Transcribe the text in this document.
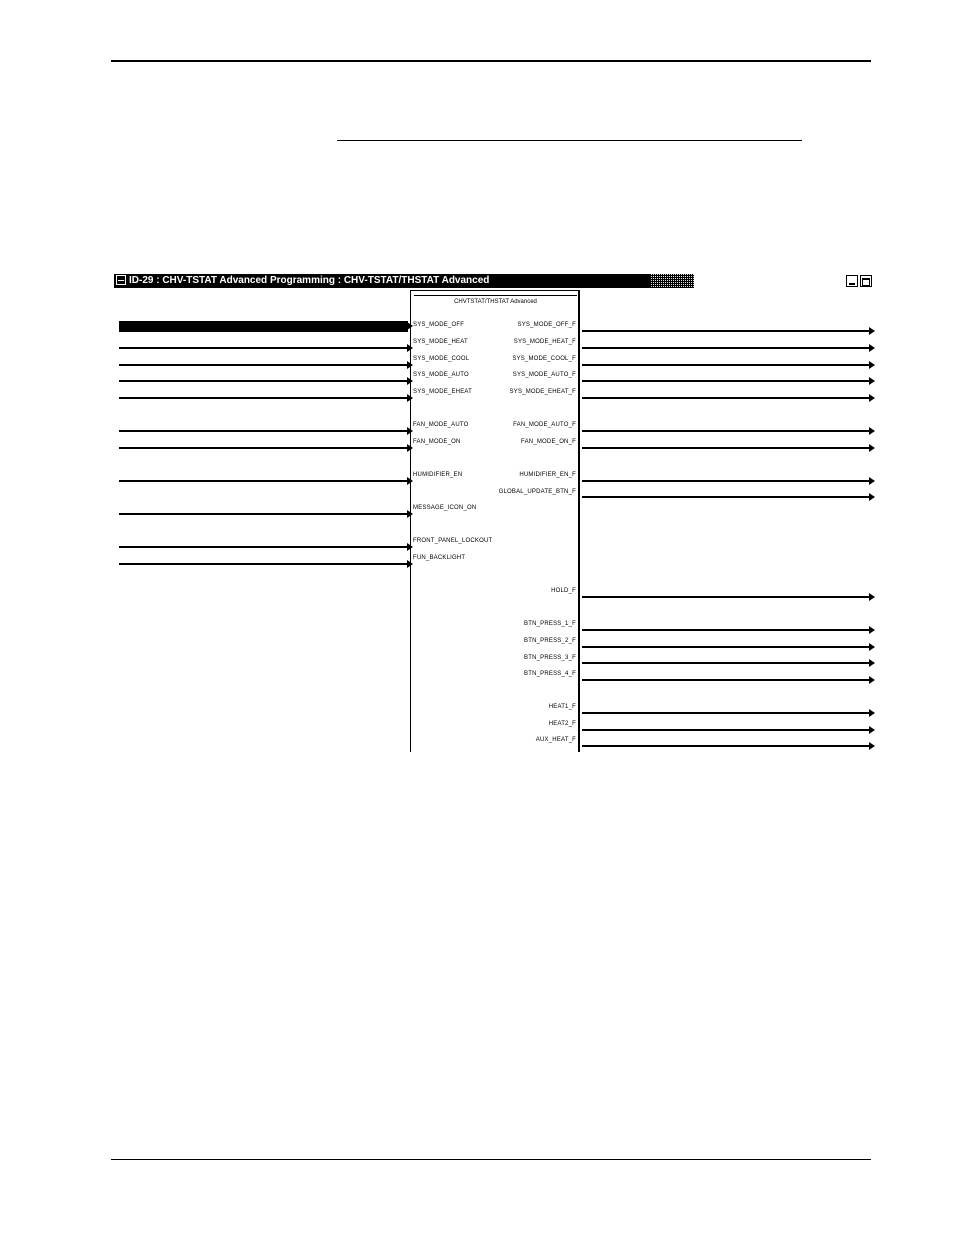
ID-29 : CHV-TSTAT Advanced Programming : CHV-TSTAT/THSTAT Advanced
CHVTSTAT/THSTAT Advanced
SYS_MODE_OFF
SYS_MODE_HEAT
SYS_MODE_COOL
SYS_MODE_AUTO
SYS_MODE_EHEAT
FAN_MODE_AUTO
FAN_MODE_ON
HUMIDIFIER_EN
MESSAGE_ICON_ON
FRONT_PANEL_LOCKOUT
FUN_BACKLIGHT
SYS_MODE_OFF_F
SYS_MODE_HEAT_F
SYS_MODE_COOL_F
SYS_MODE_AUTO_F
SYS_MODE_EHEAT_F
FAN_MODE_AUTO_F
FAN_MODE_ON_F
HUMIDIFIER_EN_F
GLOBAL_UPDATE_BTN_F
HOLD_F
BTN_PRESS_1_F
BTN_PRESS_2_F
BTN_PRESS_3_F
BTN_PRESS_4_F
HEAT1_F
HEAT2_F
AUX_HEAT_F
